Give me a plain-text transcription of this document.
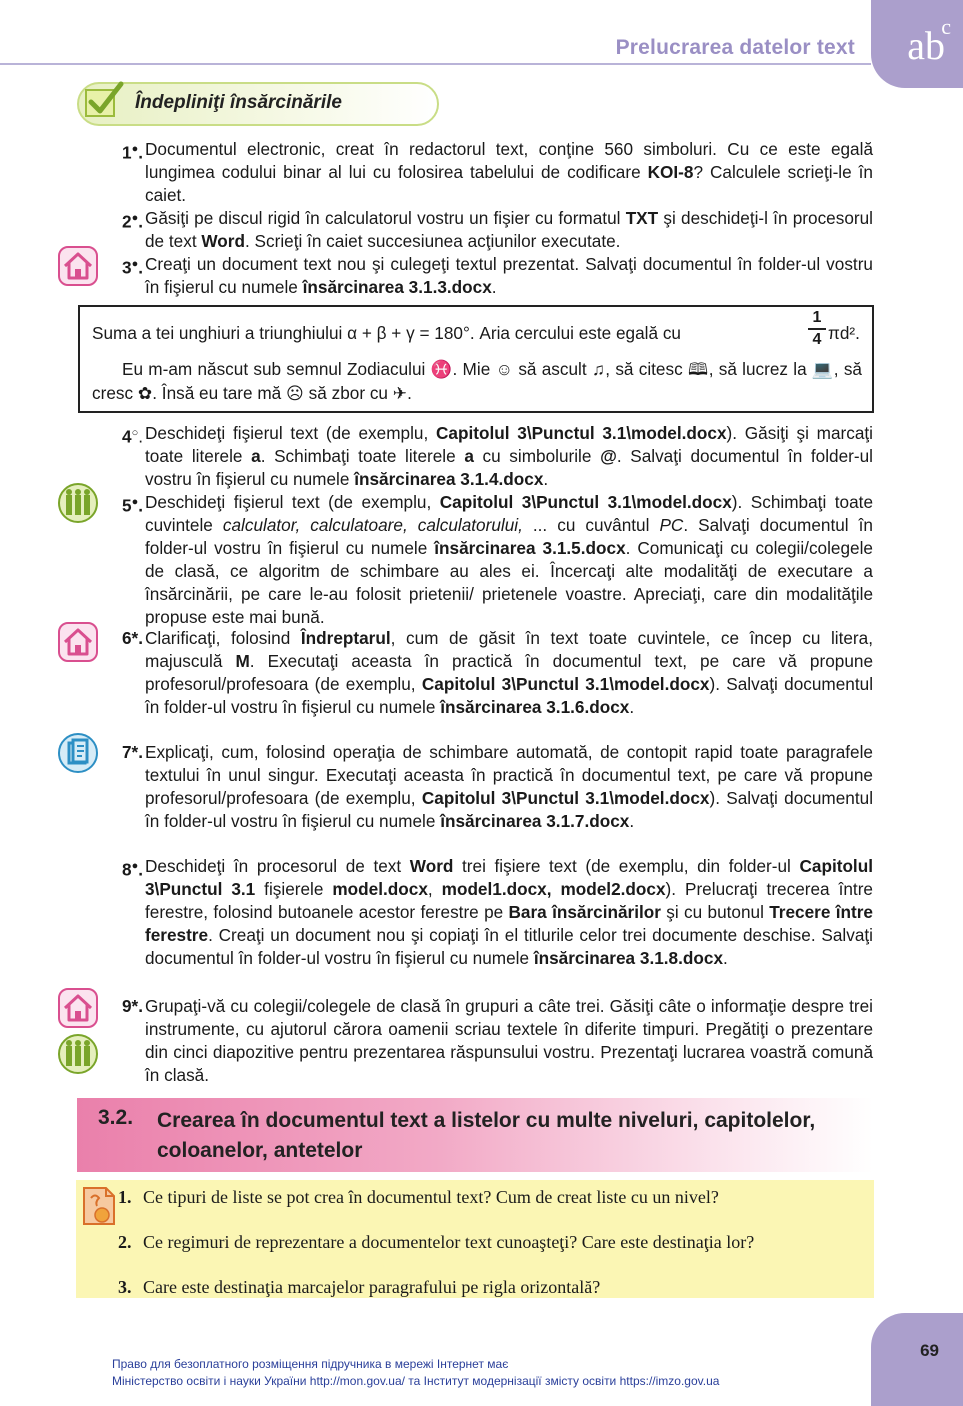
Prelucrarea datelor text ab
c
Îndepliniţi însărcinările
1●. Documentul electronic, creat în redactorul text, conţine 560 simboluri. Cu ce este egală lungimea codului binar al lui cu folosirea tabelului de codificare KOI-8? Calculele scrieţi-le în caiet.
2●. Găsiţi pe discul rigid în calculatorul vostru un fişier cu formatul TXT şi deschideţi-l în procesorul de text Word. Scrieţi în caiet succesiunea acţiunilor executate.
3●. Creaţi un document text nou şi culegeţi textul prezentat. Salvaţi documentul în folder-ul vostru în fişierul cu numele însărcinarea 3.1.3.docx.
Suma a tei unghiuri a triunghiului α + β + γ = 180°. Aria cercului este egală cu
1
4 πd².
Eu m-am născut sub semnul Zodiacului ♓. Mie ☺ să ascult ♫, să citesc 🕮, să lucrez la 💻, să cresc ✿. Însă eu tare mă ☹ să zbor cu ✈.
4○. Deschideţi fişierul text (de exemplu, Capitolul 3\Punctul 3.1\model.docx). Găsiţi şi marcaţi toate literele a. Schimbaţi toate literele a cu simbolurile @. Salvaţi documentul în folder-ul vostru în fişierul cu numele însărcinarea 3.1.4.docx.
5●. Deschideţi fişierul text (de exemplu, Capitolul 3\Punctul 3.1\model.docx). Schimbaţi toate cuvintele calculator, calculatoare, calculatorului, ... cu cuvântul PC. Salvaţi documentul în folder-ul vostru în fişierul cu numele însărcinarea 3.1.5.docx. Comunicaţi cu colegii/colegele de clasă, ce algoritm de schimbare au ales ei. Încercaţi alte modalităţi de executare a însărcinării, pe care le-au folosit prietenii/ prietenele voastre. Apreciaţi, care din modalităţile propuse este mai bună.
6*. Clarificaţi, folosind Îndreptarul, cum de găsit în text toate cuvintele, ce încep cu litera, majusculă M. Executaţi aceasta în practică în documentul text, pe care vă propune profesorul/profesoara (de exemplu, Capitolul 3\Punctul 3.1\model.docx). Salvaţi documentul în folder-ul vostru în fişierul cu numele însărcinarea 3.1.6.docx.
7*. Explicaţi, cum, folosind operaţia de schimbare automată, de contopit rapid toate paragrafele textului în unul singur. Executaţi aceasta în practică în documentul text, pe care vă propune profesorul/profesoara (de exemplu, Capitolul 3\Punctul 3.1\model.docx). Salvaţi documentul în folder-ul vostru în fişierul cu numele însărcinarea 3.1.7.docx.
8●. Deschideţi în procesorul de text Word trei fişiere text (de exemplu, din folder-ul Capitolul 3\Punctul 3.1 fişierele model.docx, model1.docx, model2.docx). Prelucraţi trecerea între ferestre, folosind butoanele acestor ferestre pe Bara însărcinărilor şi cu butonul Trecere între ferestre. Creaţi un document nou şi copiaţi în el titlurile celor trei documente deschise. Salvaţi documentul în folder-ul vostru în fişierul cu numele însărcinarea 3.1.8.docx.
9*. Grupaţi-vă cu colegii/colegele de clasă în grupuri a câte trei. Găsiţi câte o informaţie despre trei instrumente, cu ajutorul cărora oamenii scriau textele în diferite timpuri. Pregătiţi o prezentare din cinci diapozitive pentru prezentarea răspunsului vostru. Prezentaţi lucrarea voastră comună în clasă.
3.2. Crearea în documentul text a listelor cu multe niveluri, capitolelor, coloanelor, antetelor
1. Ce tipuri de liste se pot crea în documentul text? Cum de creat liste cu un nivel?
2. Ce regimuri de reprezentare a documentelor text cunoaşteţi? Care este destinaţia lor?
3. Care este destinaţia marcajelor paragrafului pe rigla orizontală?
69
Право для безоплатного розміщення підручника в мережі Інтернет має
Міністерство освіти і науки України http://mon.gov.ua/ та Інститут модернізації змісту освіти https://imzo.gov.ua
